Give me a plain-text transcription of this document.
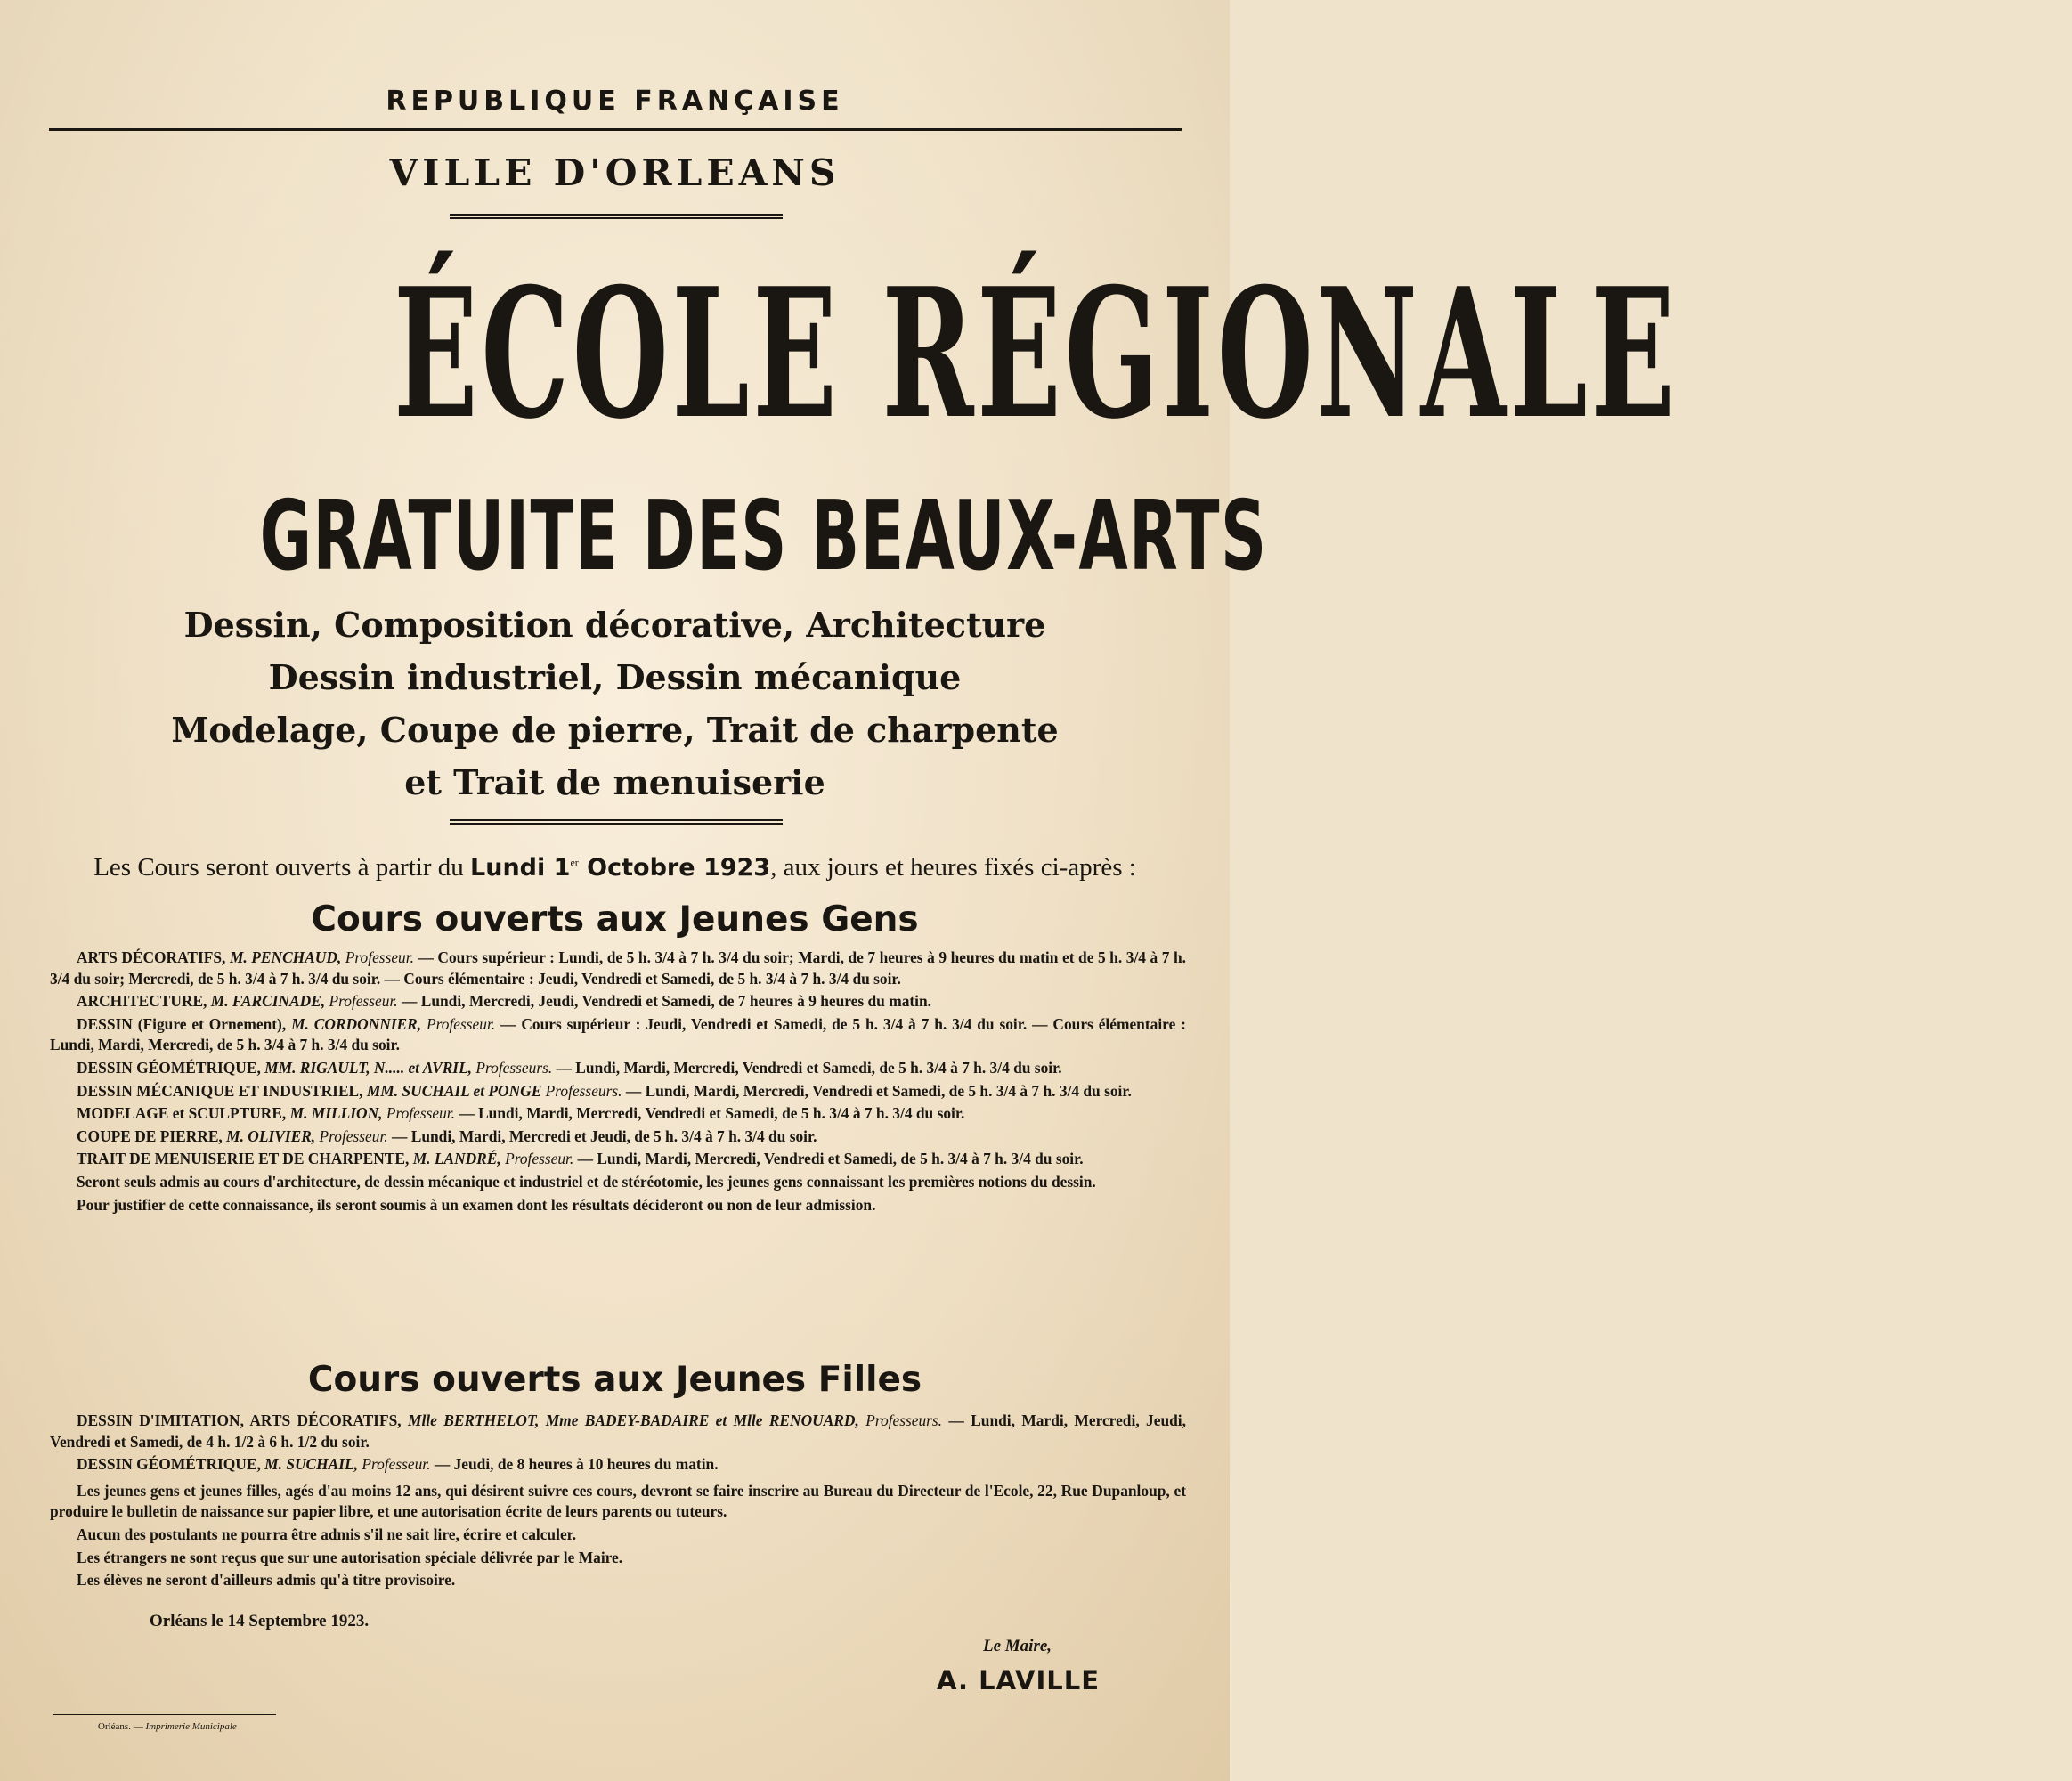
REPUBLIQUE FRANÇAISE
VILLE D'ORLEANS
ÉCOLE RÉGIONALE
GRATUITE DES BEAUX-ARTS
Dessin, Composition décorative, Architecture
Dessin industriel, Dessin mécanique
Modelage, Coupe de pierre, Trait de charpente
et Trait de menuiserie
Les Cours seront ouverts à partir du Lundi 1er Octobre 1923, aux jours et heures fixés ci-après :
Cours ouverts aux Jeunes Gens

ARTS DÉCORATIFS, M. PENCHAUD, Professeur. — Cours supérieur : Lundi, de 5 h. 3/4 à 7 h. 3/4 du soir; Mardi, de 7 heures à 9 heures du matin et de 5 h. 3/4 à 7 h. 3/4 du soir; Mercredi, de 5 h. 3/4 à 7 h. 3/4 du soir. — Cours élémentaire : Jeudi, Vendredi et Samedi, de 5 h. 3/4 à 7 h. 3/4 du soir.

ARCHITECTURE, M. FARCINADE, Professeur. — Lundi, Mercredi, Jeudi, Vendredi et Samedi, de 7 heures à 9 heures du matin.

DESSIN (Figure et Ornement), M. CORDONNIER, Professeur. — Cours supérieur : Jeudi, Vendredi et Samedi, de 5 h. 3/4 à 7 h. 3/4 du soir. — Cours élémentaire : Lundi, Mardi, Mercredi, de 5 h. 3/4 à 7 h. 3/4 du soir.

DESSIN GÉOMÉTRIQUE, MM. RIGAULT, N..... et AVRIL, Professeurs. — Lundi, Mardi, Mercredi, Vendredi et Samedi, de 5 h. 3/4 à 7 h. 3/4 du soir.

DESSIN MÉCANIQUE ET INDUSTRIEL, MM. SUCHAIL et PONGE Professeurs. — Lundi, Mardi, Mercredi, Vendredi et Samedi, de 5 h. 3/4 à 7 h. 3/4 du soir.

MODELAGE et SCULPTURE, M. MILLION, Professeur. — Lundi, Mardi, Mercredi, Vendredi et Samedi, de 5 h. 3/4 à 7 h. 3/4 du soir.

COUPE DE PIERRE, M. OLIVIER, Professeur. — Lundi, Mardi, Mercredi et Jeudi, de 5 h. 3/4 à 7 h. 3/4 du soir.

TRAIT DE MENUISERIE ET DE CHARPENTE, M. LANDRÉ, Professeur. — Lundi, Mardi, Mercredi, Vendredi et Samedi, de 5 h. 3/4 à 7 h. 3/4 du soir.

Seront seuls admis au cours d'architecture, de dessin mécanique et industriel et de stéréotomie, les jeunes gens connaissant les premières notions du dessin.

Pour justifier de cette connaissance, ils seront soumis à un examen dont les résultats décideront ou non de leur admission.

Cours ouverts aux Jeunes Filles

DESSIN D'IMITATION, ARTS DÉCORATIFS, Mlle BERTHELOT, Mme BADEY-BADAIRE et Mlle RENOUARD, Professeurs. — Lundi, Mardi, Mercredi, Jeudi, Vendredi et Samedi, de 4 h. 1/2 à 6 h. 1/2 du soir.

DESSIN GÉOMÉTRIQUE, M. SUCHAIL, Professeur. — Jeudi, de 8 heures à 10 heures du matin.

Les jeunes gens et jeunes filles, agés d'au moins 12 ans, qui désirent suivre ces cours, devront se faire inscrire au Bureau du Directeur de l'Ecole, 22, Rue Dupanloup, et produire le bulletin de naissance sur papier libre, et une autorisation écrite de leurs parents ou tuteurs.

Aucun des postulants ne pourra être admis s'il ne sait lire, écrire et calculer.

Les étrangers ne sont reçus que sur une autorisation spéciale délivrée par le Maire.

Les élèves ne seront d'ailleurs admis qu'à titre provisoire.

Orléans le 14 Septembre 1923.
Le Maire,
A. LAVILLE
Orléans. — Imprimerie Municipale
